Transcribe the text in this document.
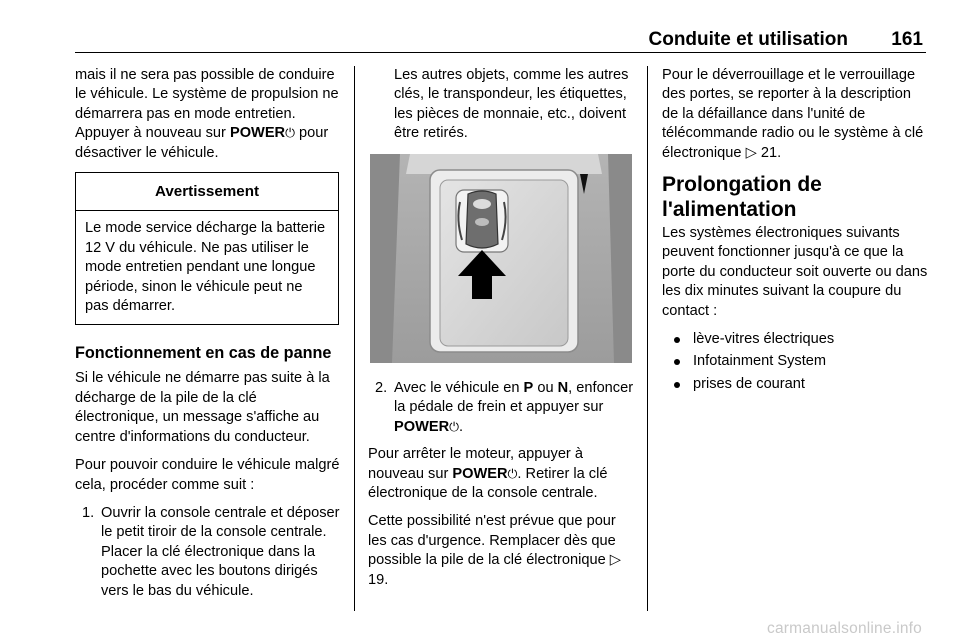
Conduite et utilisation 161

mais il ne sera pas possible de conduire le véhicule. Le système de propulsion ne démarrera pas en mode entretien. Appuyer à nouveau sur POWER⏻ pour désactiver le véhicule.

Avertissement
Le mode service décharge la batterie 12 V du véhicule. Ne pas utiliser le mode entretien pendant une longue période, sinon le véhicule peut ne pas démarrer.
Fonctionnement en cas de panne

Si le véhicule ne démarre pas suite à la décharge de la pile de la clé électronique, un message s'affiche au centre d'informations du conducteur.

Pour pouvoir conduire le véhicule malgré cela, procéder comme suit :

1. Ouvrir la console centrale et déposer le petit tiroir de la console centrale. Placer la clé électronique dans la pochette avec les boutons dirigés vers le bas du véhicule.

Les autres objets, comme les autres clés, le transpondeur, les étiquettes, les pièces de monnaie, etc., doivent être retirés.

2. Avec le véhicule en P ou N, enfoncer la pédale de frein et appuyer sur POWER⏻.

Pour arrêter le moteur, appuyer à nouveau sur POWER⏻. Retirer la clé électronique de la console centrale.

Cette possibilité n'est prévue que pour les cas d'urgence. Remplacer dès que possible la pile de la clé électronique ▷ 19.

Pour le déverrouillage et le verrouillage des portes, se reporter à la description de la défaillance dans l'unité de télécommande radio ou le système à clé électronique ▷ 21.

Prolongation de l'alimentation

Les systèmes électroniques suivants peuvent fonctionner jusqu'à ce que la porte du conducteur soit ouverte ou dans les dix minutes suivant la coupure du contact :

lève-vitres électriques
Infotainment System
prises de courant
carmanualsonline.info
